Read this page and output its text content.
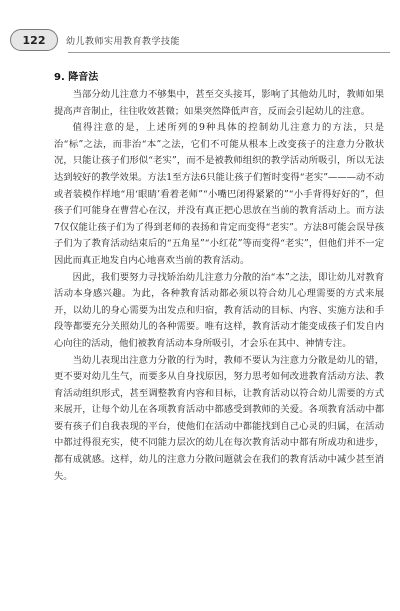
122	幼儿教师实用教育教学技能
9. 降音法

当部分幼儿注意力不够集中，甚至交头接耳，影响了其他幼儿时，教师如果提高声音制止，往往收效甚微；如果突然降低声音，反而会引起幼儿的注意。

值得注意的是，上述所列的9种具体的控制幼儿注意力的方法，只是治“标”之法，而非治“本”之法，它们不可能从根本上改变孩子的注意力分散状况，只能让孩子们形似“老实”，而不是被教师组织的教学活动所吸引，所以无法达到较好的教学效果。方法1至方法6只能让孩子们暂时变得“老实”———动不动或者装模作样地“用‘眼睛’看着老师”“小嘴巴闭得紧紧的”“小手背得好好的”，但孩子们可能身在曹营心在汉，并没有真正把心思放在当前的教育活动上。而方法7仅仅能让孩子们为了得到老师的表扬和肯定而变得“老实”。方法8可能会误导孩子们为了教育活动结束后的“五角星”“小红花”等而变得“老实”，但他们并不一定因此而真正地发自内心地喜欢当前的教育活动。

因此，我们要努力寻找矫治幼儿注意力分散的治“本”之法，即让幼儿对教育活动本身感兴趣。为此，各种教育活动都必须以符合幼儿心理需要的方式来展开，以幼儿的身心需要为出发点和归宿，教育活动的目标、内容、实施方法和手段等都要充分关照幼儿的各种需要。唯有这样，教育活动才能变成孩子们发自内心向往的活动，他们被教育活动本身所吸引，才会乐在其中、神情专注。

当幼儿表现出注意力分散的行为时，教师不要认为注意力分散是幼儿的错，更不要对幼儿生气，而要多从自身找原因，努力思考如何改进教育活动方法、教育活动组织形式，甚至调整教育内容和目标，让教育活动以符合幼儿需要的方式来展开，让每个幼儿在各项教育活动中都感受到教师的关爱。各项教育活动中都要有孩子们自我表现的平台，使他们在活动中都能找到自己心灵的归属，在活动中都过得很充实，使不同能力层次的幼儿在每次教育活动中都有所成功和进步，都有成就感。这样，幼儿的注意力分散问题就会在我们的教育活动中减少甚至消失。
